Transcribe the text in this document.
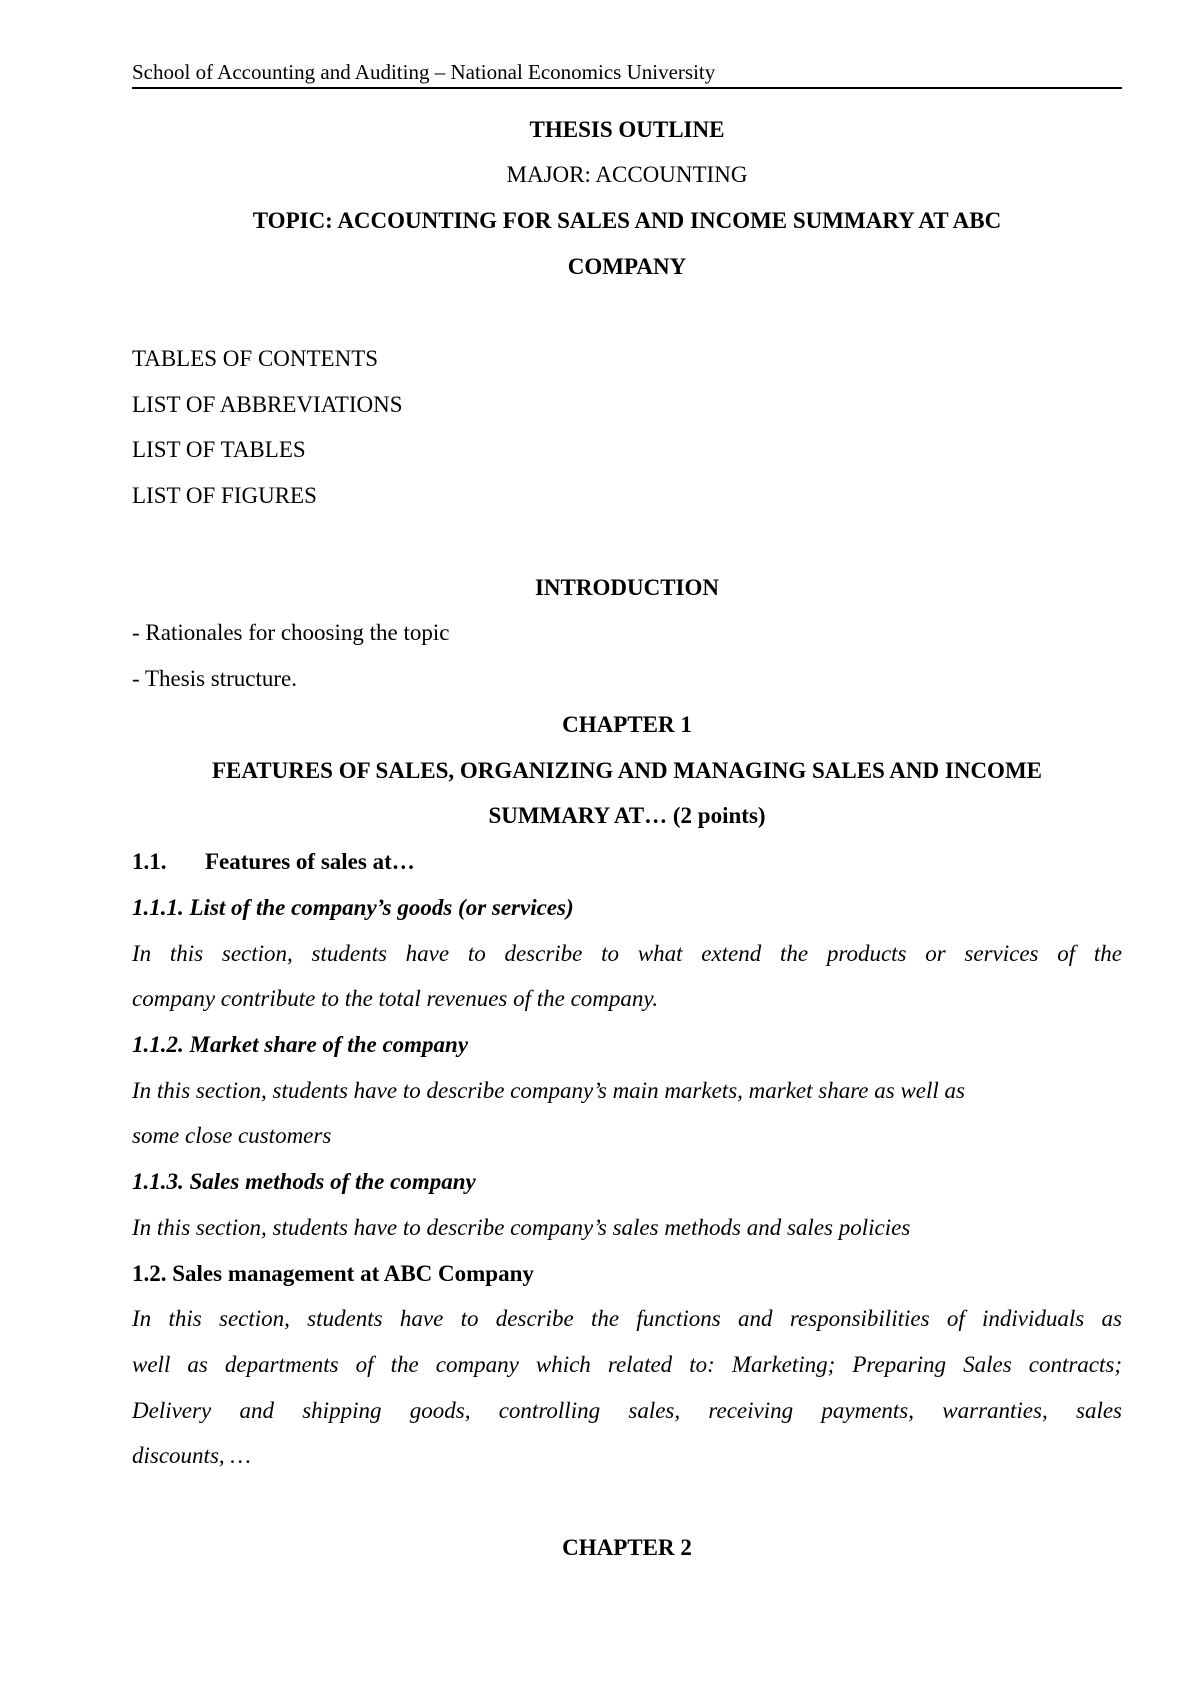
School of Accounting and Auditing – National Economics University
THESIS OUTLINE
MAJOR: ACCOUNTING
TOPIC: ACCOUNTING FOR SALES AND INCOME SUMMARY AT ABC
COMPANY
TABLES OF CONTENTS
LIST OF ABBREVIATIONS
LIST OF TABLES
LIST OF FIGURES
INTRODUCTION
- Rationales for choosing the topic
- Thesis structure.
CHAPTER 1
FEATURES OF SALES, ORGANIZING AND MANAGING SALES AND INCOME
SUMMARY AT… (2 points)
1.1. Features of sales at…
1.1.1. List of the company’s goods (or services)
In this section, students have to describe to what extend the products or services of the
company contribute to the total revenues of the company.
1.1.2. Market share of the company
In this section, students have to describe company’s main markets, market share as well as
some close customers
1.1.3. Sales methods of the company
In this section, students have to describe company’s sales methods and sales policies
1.2. Sales management at ABC Company
In this section, students have to describe the functions and responsibilities of individuals as
well as departments of the company which related to: Marketing; Preparing Sales contracts;
Delivery and shipping goods, controlling sales, receiving payments, warranties, sales
discounts, …
CHAPTER 2
